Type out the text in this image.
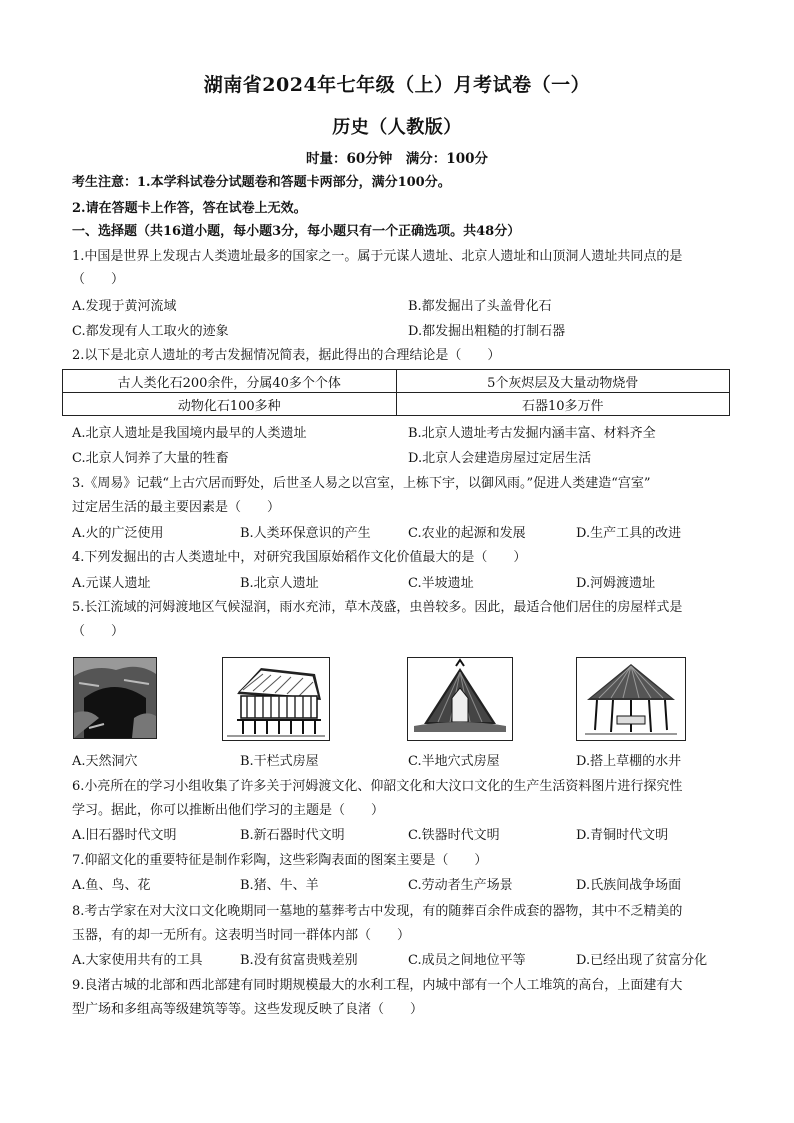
湖南省2024年七年级（上）月考试卷（一）
历史（人教版）
时量：60分钟　满分：100分
考生注意：1.本学科试卷分试题卷和答题卡两部分，满分100分。
2.请在答题卡上作答，答在试卷上无效。
一、选择题（共16道小题，每小题3分，每小题只有一个正确选项。共48分）
1.中国是世界上发现古人类遗址最多的国家之一。属于元谋人遗址、北京人遗址和山顶洞人遗址共同点的是
（　　）
A.发现于黄河流域	B.都发掘出了头盖骨化石
C.都发现有人工取火的迹象	D.都发掘出粗糙的打制石器
2.以下是北京人遗址的考古发掘情况简表，据此得出的合理结论是（　　）
古人类化石200余件，分属40多个个体	5个灰烬层及大量动物烧骨
动物化石100多种	石器10多万件
A.北京人遗址是我国境内最早的人类遗址	B.北京人遗址考古发掘内涵丰富、材料齐全
C.北京人饲养了大量的牲畜	D.北京人会建造房屋过定居生活
3.《周易》记载“上古穴居而野处，后世圣人易之以宫室，上栋下宇，以御风雨。”促进人类建造“宫室”
过定居生活的最主要因素是（　　）
A.火的广泛使用	B.人类环保意识的产生	C.农业的起源和发展	D.生产工具的改进
4.下列发掘出的古人类遗址中，对研究我国原始稻作文化价值最大的是（　　）
A.元谋人遗址	B.北京人遗址	C.半坡遗址	D.河姆渡遗址
5.长江流域的河姆渡地区气候湿润，雨水充沛，草木茂盛，虫兽较多。因此，最适合他们居住的房屋样式是
（　　）
A.天然洞穴	B.干栏式房屋	C.半地穴式房屋	D.搭上草棚的水井
6.小亮所在的学习小组收集了许多关于河姆渡文化、仰韶文化和大汶口文化的生产生活资料图片进行探究性
学习。据此，你可以推断出他们学习的主题是（　　）
A.旧石器时代文明	B.新石器时代文明	C.铁器时代文明	D.青铜时代文明
7.仰韶文化的重要特征是制作彩陶，这些彩陶表面的图案主要是（　　）
A.鱼、鸟、花	B.猪、牛、羊	C.劳动者生产场景	D.氏族间战争场面
8.考古学家在对大汶口文化晚期同一墓地的墓葬考古中发现，有的随葬百余件成套的器物，其中不乏精美的
玉器，有的却一无所有。这表明当时同一群体内部（　　）
A.大家使用共有的工具	B.没有贫富贵贱差别	C.成员之间地位平等	D.已经出现了贫富分化
9.良渚古城的北部和西北部建有同时期规模最大的水利工程，内城中部有一个人工堆筑的高台，上面建有大
型广场和多组高等级建筑等等。这些发现反映了良渚（　　）
